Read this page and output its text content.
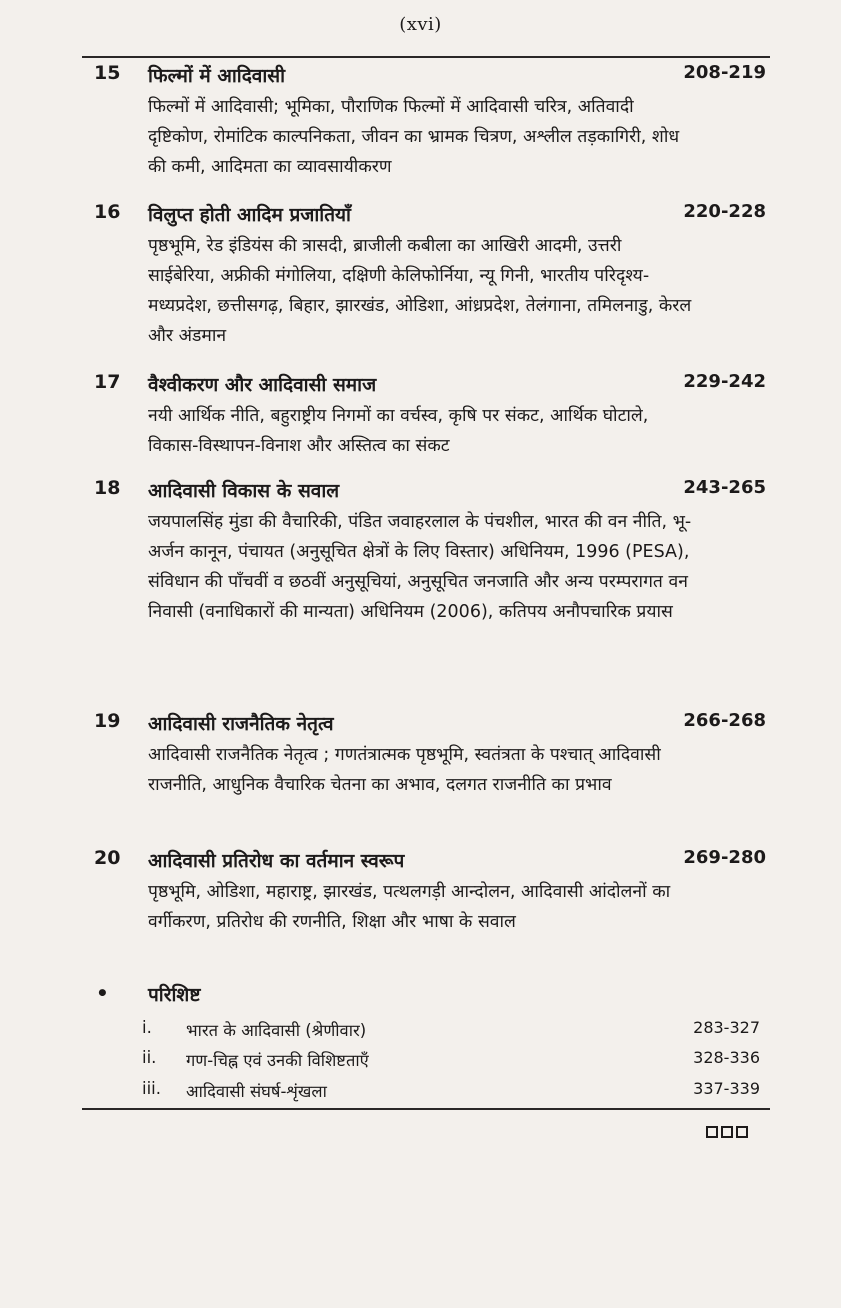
(xvi)
15 फिल्मों में आदिवासी	208-219
फिल्मों में आदिवासी; भूमिका, पौराणिक फिल्मों में आदिवासी चरित्र, अतिवादी दृष्टिकोण, रोमांटिक काल्पनिकता, जीवन का भ्रामक चित्रण, अश्लील तड़कागिरी, शोध की कमी, आदिमता का व्यावसायीकरण
16 विलुप्त होती आदिम प्रजातियाँ	220-228
पृष्ठभूमि, रेड इंडियंस की त्रासदी, ब्राजीली कबीला का आखिरी आदमी, उत्तरी साईबेरिया, अफ्रीकी मंगोलिया, दक्षिणी केलिफोर्निया, न्यू गिनी, भारतीय परिदृश्य- मध्यप्रदेश, छत्तीसगढ़, बिहार, झारखंड, ओडिशा, आंध्रप्रदेश, तेलंगाना, तमिलनाडु, केरल और अंडमान
17 वैश्वीकरण और आदिवासी समाज	229-242
नयी आर्थिक नीति, बहुराष्ट्रीय निगमों का वर्चस्व, कृषि पर संकट, आर्थिक घोटाले, विकास-विस्थापन-विनाश और अस्तित्व का संकट
18 आदिवासी विकास के सवाल	243-265
जयपालसिंह मुंडा की वैचारिकी, पंडित जवाहरलाल के पंचशील, भारत की वन नीति, भू-अर्जन कानून, पंचायत (अनुसूचित क्षेत्रों के लिए विस्तार) अधिनियम, 1996 (PESA), संविधान की पाँचवीं व छठवीं अनुसूचियां, अनुसूचित जनजाति और अन्य परम्परागत वन निवासी (वनाधिकारों की मान्यता) अधिनियम (2006), कतिपय अनौपचारिक प्रयास
19 आदिवासी राजनैतिक नेतृत्व	266-268
आदिवासी राजनैतिक नेतृत्व ; गणतंत्रात्मक पृष्ठभूमि, स्वतंत्रता के पश्चात् आदिवासी राजनीति, आधुनिक वैचारिक चेतना का अभाव, दलगत राजनीति का प्रभाव
20 आदिवासी प्रतिरोध का वर्तमान स्वरूप	269-280
पृष्ठभूमि, ओडिशा, महाराष्ट्र, झारखंड, पत्थलगड़ी आन्दोलन, आदिवासी आंदोलनों का वर्गीकरण, प्रतिरोध की रणनीति, शिक्षा और भाषा के सवाल
• परिशिष्ट
i. भारत के आदिवासी (श्रेणीवार)	283-327
ii. गण-चिह्न एवं उनकी विशिष्टताएँ	328-336
iii. आदिवासी संघर्ष-शृंखला	337-339
